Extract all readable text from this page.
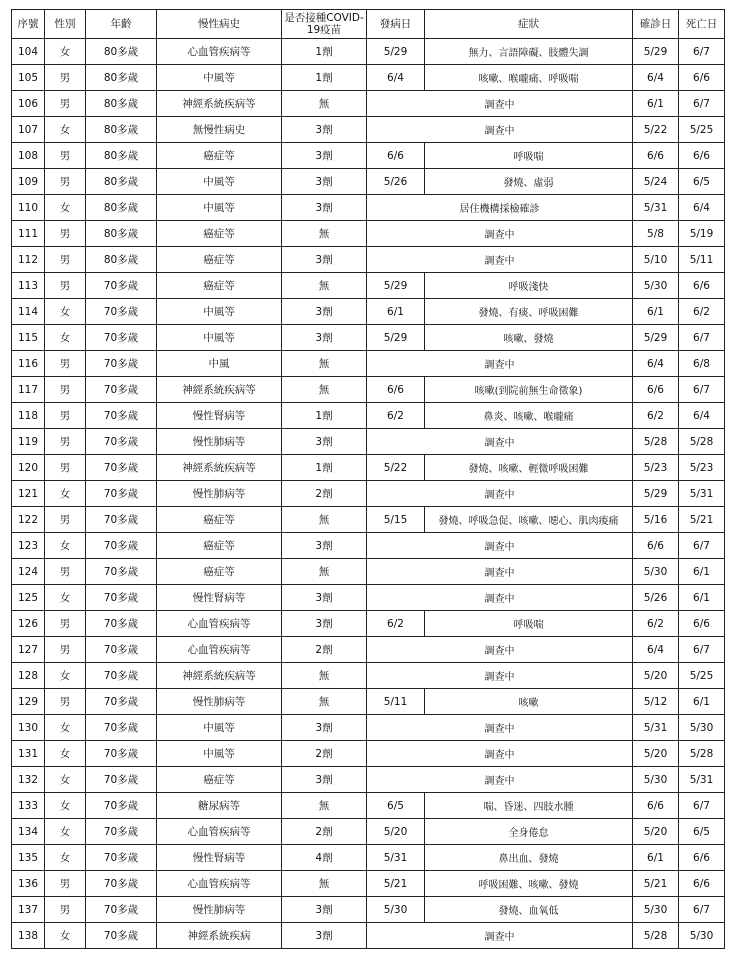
序號	性別	年齡	慢性病史	是否接種COVID-19疫苗	發病日	症狀	確診日	死亡日
104	女	80多歲	心血管疾病等	1劑	5/29	無力、言語障礙、肢體失調	5/29	6/7
105	男	80多歲	中風等	1劑	6/4	咳嗽、喉嚨痛、呼吸喘	6/4	6/6
106	男	80多歲	神經系統疾病等	無	調查中		6/1	6/7
107	女	80多歲	無慢性病史	3劑	調查中		5/22	5/25
108	男	80多歲	癌症等	3劑	6/6	呼吸喘	6/6	6/6
109	男	80多歲	中風等	3劑	5/26	發燒、虛弱	5/24	6/5
110	女	80多歲	中風等	3劑	居住機構採檢確診		5/31	6/4
111	男	80多歲	癌症等	無	調查中		5/8	5/19
112	男	80多歲	癌症等	3劑	調查中		5/10	5/11
113	男	70多歲	癌症等	無	5/29	呼吸淺快	5/30	6/6
114	女	70多歲	中風等	3劑	6/1	發燒、有痰、呼吸困難	6/1	6/2
115	女	70多歲	中風等	3劑	5/29	咳嗽、發燒	5/29	6/7
116	男	70多歲	中風	無	調查中		6/4	6/8
117	男	70多歲	神經系統疾病等	無	6/6	咳嗽(到院前無生命徵象)	6/6	6/7
118	男	70多歲	慢性腎病等	1劑	6/2	鼻炎、咳嗽、喉嚨痛	6/2	6/4
119	男	70多歲	慢性肺病等	3劑	調查中		5/28	5/28
120	男	70多歲	神經系統疾病等	1劑	5/22	發燒、咳嗽、輕微呼吸困難	5/23	5/23
121	女	70多歲	慢性肺病等	2劑	調查中		5/29	5/31
122	男	70多歲	癌症等	無	5/15	發燒、呼吸急促、咳嗽、噁心、肌肉痠痛	5/16	5/21
123	女	70多歲	癌症等	3劑	調查中		6/6	6/7
124	男	70多歲	癌症等	無	調查中		5/30	6/1
125	女	70多歲	慢性腎病等	3劑	調查中		5/26	6/1
126	男	70多歲	心血管疾病等	3劑	6/2	呼吸喘	6/2	6/6
127	男	70多歲	心血管疾病等	2劑	調查中		6/4	6/7
128	女	70多歲	神經系統疾病等	無	調查中		5/20	5/25
129	男	70多歲	慢性肺病等	無	5/11	咳嗽	5/12	6/1
130	女	70多歲	中風等	3劑	調查中		5/31	5/30
131	女	70多歲	中風等	2劑	調查中		5/20	5/28
132	女	70多歲	癌症等	3劑	調查中		5/30	5/31
133	女	70多歲	糖尿病等	無	6/5	喘、昏迷、四肢水腫	6/6	6/7
134	女	70多歲	心血管疾病等	2劑	5/20	全身倦怠	5/20	6/5
135	女	70多歲	慢性腎病等	4劑	5/31	鼻出血、發燒	6/1	6/6
136	男	70多歲	心血管疾病等	無	5/21	呼吸困難、咳嗽、發燒	5/21	6/6
137	男	70多歲	慢性肺病等	3劑	5/30	發燒、血氧低	5/30	6/7
138	女	70多歲	神經系統疾病	3劑	調查中		5/28	5/30
